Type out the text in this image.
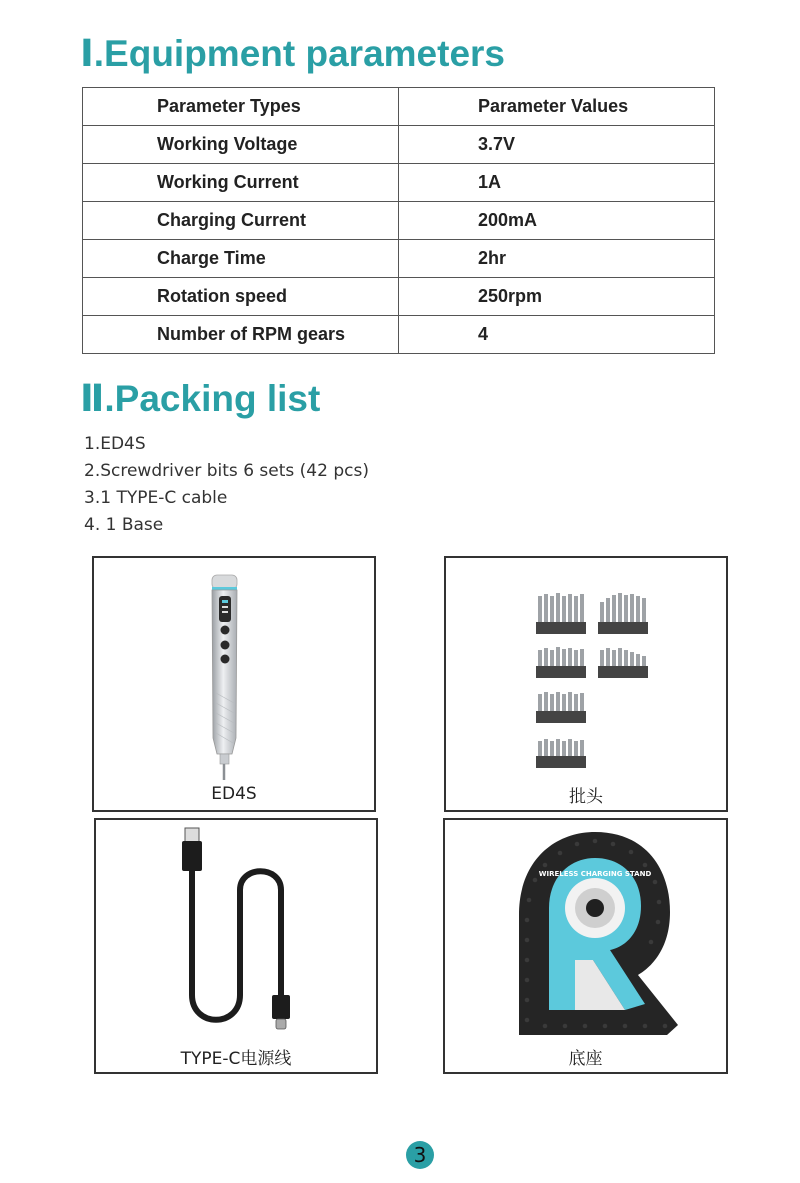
Ⅰ.Equipment parameters
Parameter Types	Parameter Values
Working Voltage	3.7V
Working Current	1A
Charging Current	200mA
Charge Time	2hr
Rotation speed	250rpm
Number of RPM gears	4
Ⅱ.Packing list
1.ED4S
2.Screwdriver bits 6 sets (42 pcs)
3.1 TYPE-C cable
4. 1 Base
ED4S	批头
TYPE-C电源线
WIRELESS CHARGING STAND
底座
3
